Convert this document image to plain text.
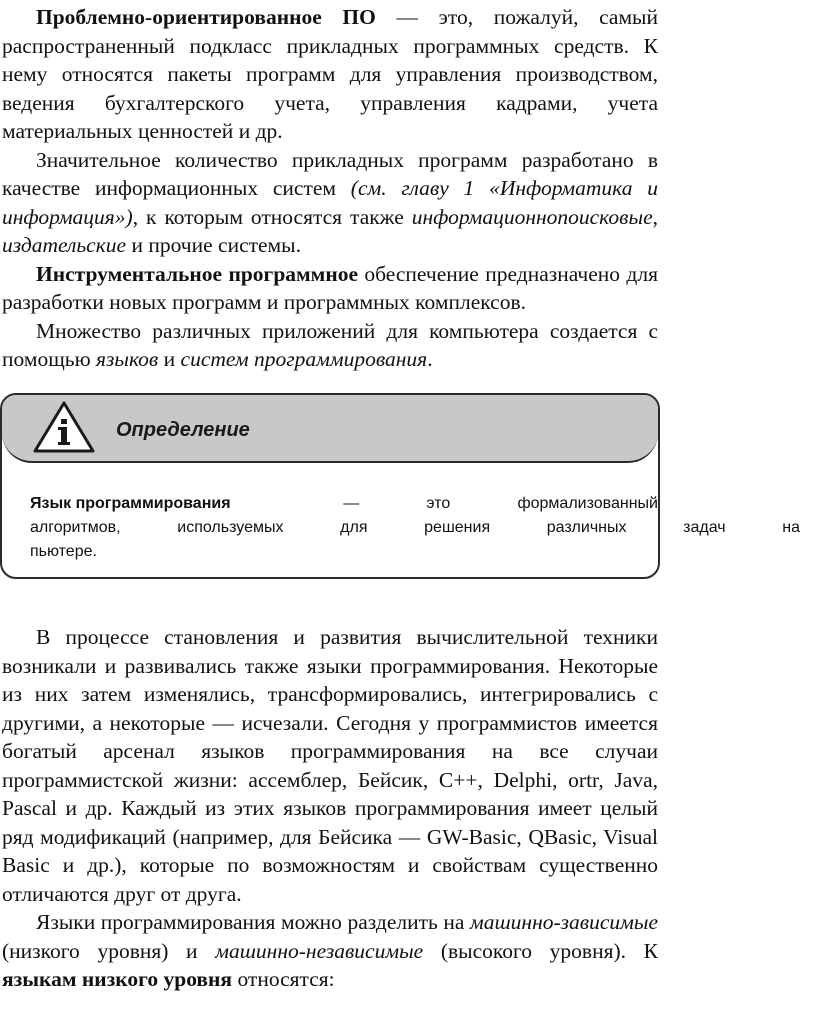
Проблемно-ориентированное ПО — это, пожалуй, самый распространенный подкласс прикладных программных средств. К нему относятся пакеты программ для управления производством, ведения бухгалтерского учета, управления кадрами, учета материальных ценностей и др.

Значительное количество прикладных программ разработано в качестве информационных систем (см. главу 1 «Информатика и информация»), к которым относятся также информационнопоисковые, издательские и прочие системы.

Инструментальное программное обеспечение предназначено для разработки новых программ и программных комплексов.

Множество различных приложений для компьютера создается с помощью языков и систем программирования.

Определение
Язык программирования	—	это	формализованный
алгоритмов,	используемых	для	решения	различных	задач	на
пьютере.

В процессе становления и развития вычислительной техники возникали и развивались также языки программирования. Некоторые из них затем изменялись, трансформировались, интегрировались с другими, а некоторые — исчезали. Сегодня у программистов имеется богатый арсенал языков программирования на все случаи программистской жизни: ассемблер, Бейсик, С++, Delphi, ortr, Java, Pascal и др. Каждый из этих языков программирования имеет целый ряд модификаций (например, для Бейсика — GW-Basic, QBasic, Visual Basic и др.), которые по возможностям и свойствам существенно отличаются друг от друга.

Языки программирования можно разделить на машинно-зависимые (низкого уровня) и машинно-независимые (высокого уровня). К языкам низкого уровня относятся:
